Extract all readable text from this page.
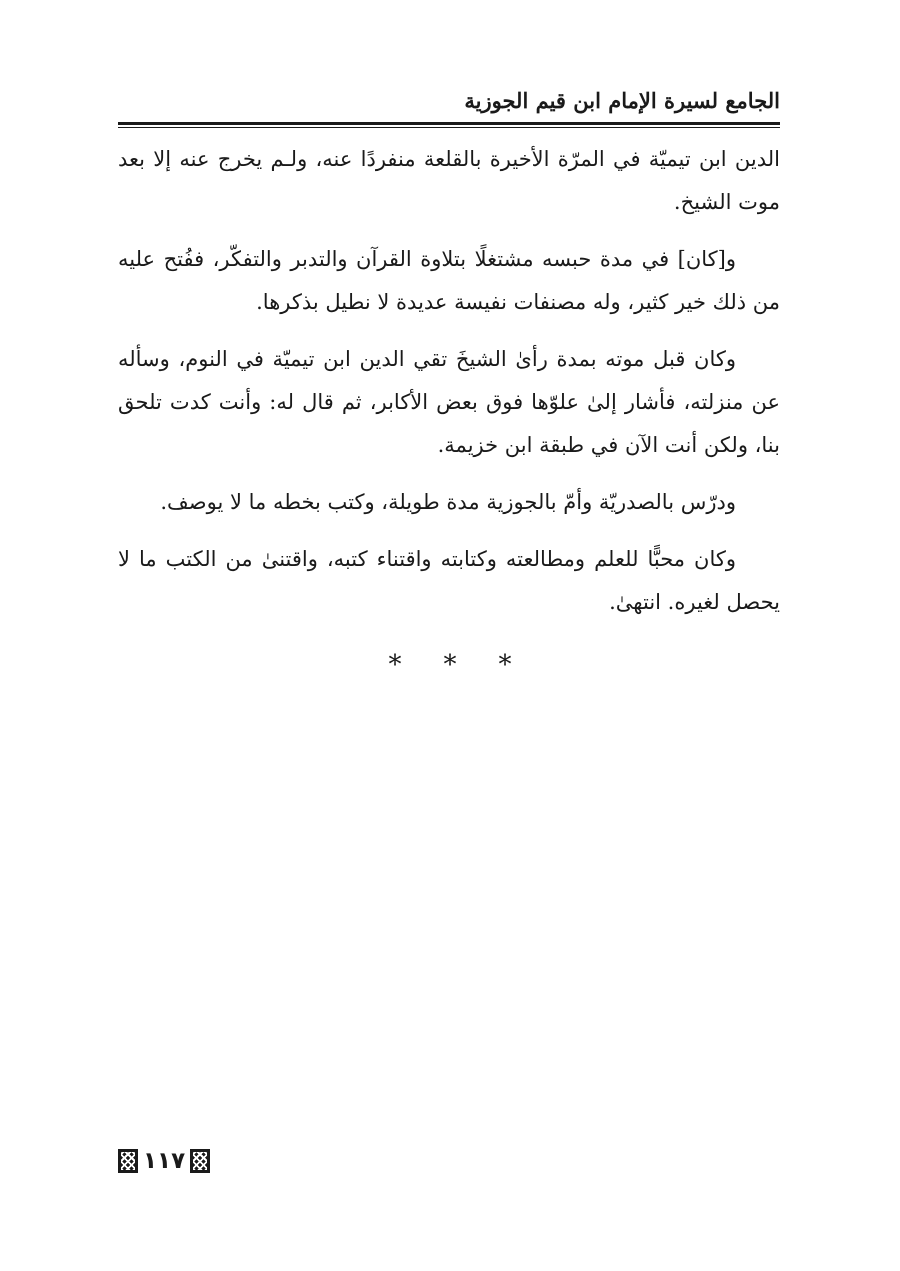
الجامع لسيرة الإمام ابن قيم الجوزية

الدين ابن تيميّة في المرّة الأخيرة بالقلعة منفردًا عنه، ولـم يخرج عنه إلا بعد موت الشيخ.

و[كان] في مدة حبسه مشتغلًا بتلاوة القرآن والتدبر والتفكّر، ففُتح عليه من ذلك خير كثير، وله مصنفات نفيسة عديدة لا نطيل بذكرها.

وكان قبل موته بمدة رأىٰ الشيخَ تقي الدين ابن تيميّة في النوم، وسأله عن منزلته، فأشار إلىٰ علوّها فوق بعض الأكابر، ثم قال له: وأنت كدت تلحق بنا، ولكن أنت الآن في طبقة ابن خزيمة.

ودرّس بالصدريّة وأمّ بالجوزية مدة طويلة، وكتب بخطه ما لا يوصف.

وكان محبًّا للعلم ومطالعته وكتابته واقتناء كتبه، واقتنىٰ من الكتب ما لا يحصل لغيره. انتهىٰ.

*	*	*
١١٧
